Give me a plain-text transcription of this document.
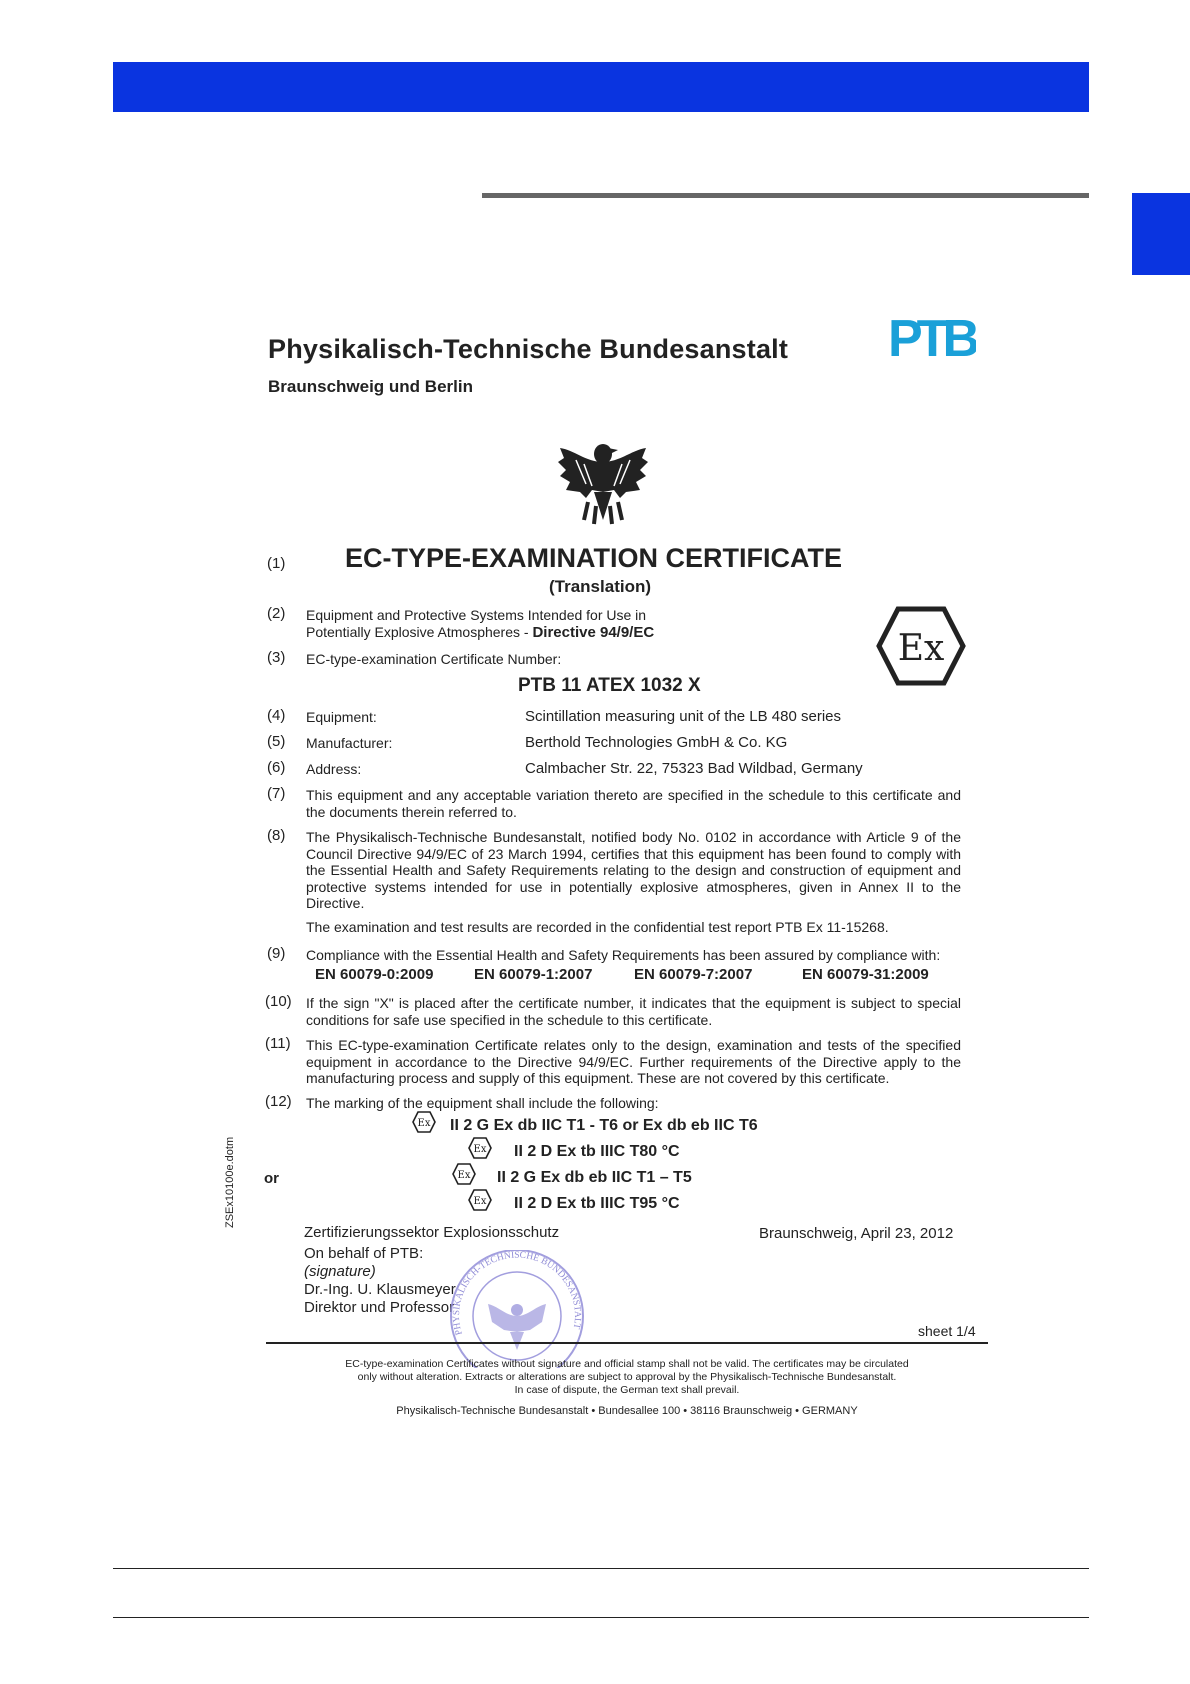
Physikalisch-Technische Bundesanstalt
Braunschweig und Berlin
PTB
(1) EC-TYPE-EXAMINATION CERTIFICATE
(Translation)
Ex
(2) Equipment and Protective Systems Intended for Use in
Potentially Explosive Atmospheres - Directive 94/9/EC
(3) EC-type-examination Certificate Number:
PTB 11 ATEX 1032 X
(4) Equipment:	Scintillation measuring unit of the LB 480 series
(5) Manufacturer:	Berthold Technologies GmbH & Co. KG
(6) Address:	Calmbacher Str. 22, 75323 Bad Wildbad, Germany
(7) This equipment and any acceptable variation thereto are specified in the schedule to this certificate and the documents therein referred to.
(8) The Physikalisch-Technische Bundesanstalt, notified body No. 0102 in accordance with Article 9 of the Council Directive 94/9/EC of 23 March 1994, certifies that this equipment has been found to comply with the Essential Health and Safety Requirements relating to the design and construction of equipment and protective systems intended for use in potentially explosive atmospheres, given in Annex II to the Directive.
The examination and test results are recorded in the confidential test report PTB Ex 11-15268.
(9) Compliance with the Essential Health and Safety Requirements has been assured by compliance with:
EN 60079-0:2009	EN 60079-1:2007	EN 60079-7:2007	EN 60079-31:2009
(10) If the sign "X" is placed after the certificate number, it indicates that the equipment is subject to special conditions for safe use specified in the schedule to this certificate.
(11) This EC-type-examination Certificate relates only to the design, examination and tests of the specified equipment in accordance to the Directive 94/9/EC. Further requirements of the Directive apply to the manufacturing process and supply of this equipment. These are not covered by this certificate.
(12) The marking of the equipment shall include the following:
Ex II 2 G Ex db IIC T1 - T6 or Ex db eb IIC T6
Ex II 2 D Ex tb IIIC T80 °C
or	Ex II 2 G Ex db eb IIC T1 – T5
Ex II 2 D Ex tb IIIC T95 °C
Zertifizierungssektor Explosionsschutz	Braunschweig, April 23, 2012
On behalf of PTB:
(signature)
Dr.-Ing. U. Klausmeyer
Direktor und Professor
PHYSIKALISCH-TECHNISCHE BUNDESANSTALT	sheet 1/4
EC-type-examination Certificates without signature and official stamp shall not be valid. The certificates may be circulated
only without alteration. Extracts or alterations are subject to approval by the Physikalisch-Technische Bundesanstalt.
In case of dispute, the German text shall prevail.
Physikalisch-Technische Bundesanstalt • Bundesallee 100 • 38116 Braunschweig • GERMANY
ZSEx10100e.dotm
